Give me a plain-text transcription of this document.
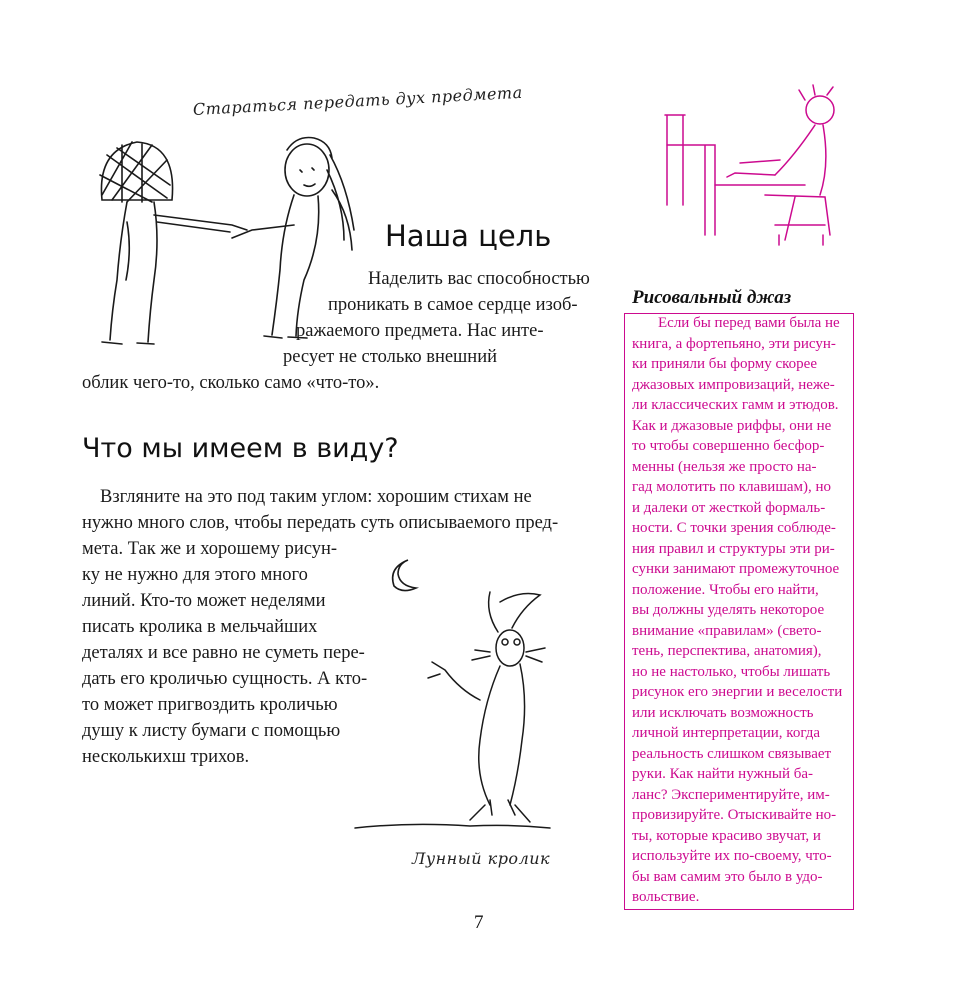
Стараться передать дух предмета
Наша цель
Наделить вас способностью
проникать в самое сердце изоб-
ражаемого предмета. Нас инте-
ресует не столько внешний
облик чего-то, сколько само «что-то».
Что мы имеем в виду?
Взгляните на это под таким углом: хорошим стихам не
нужно много слов, чтобы передать суть описываемого пред-
мета. Так же и хорошему рисун-
ку не нужно для этого много
линий. Кто-то может неделями
писать кролика в мельчайших
деталях и все равно не суметь пере-
дать его кроличью сущность. А кто-
то может пригвоздить кроличью
душу к листу бумаги с помощью
несколькихш трихов.
Лунный кролик
Рисовальный джаз
Если бы перед вами была не
книга, а фортепьяно, эти рисун-
ки приняли бы форму скорее
джазовых импровизаций, нeже-
ли классических гамм и этюдов.
Как и джазовые риффы, они не
то чтобы совершенно бесфор-
менны (нельзя же просто на-
гад молотить по клавишам), но
и далеки от жесткой формаль-
ности. С точки зрения соблюде-
ния правил и структуры эти ри-
сунки занимают промежуточное
положение. Чтобы его найти,
вы должны уделять некоторое
внимание «правилам» (свето-
тень, перспектива, анатомия),
но не настолько, чтобы лишать
рисунок его энергии и веселости
или исключать возможность
личной интерпретации, когда
реальность слишком связывает
руки. Как найти нужный ба-
ланс? Экспериментируйте, им-
провизируйте. Отыскивайте но-
ты, которые красиво звучат, и
используйте их по-своему, что-
бы вам самим это было в удо-
вольствие.
7
